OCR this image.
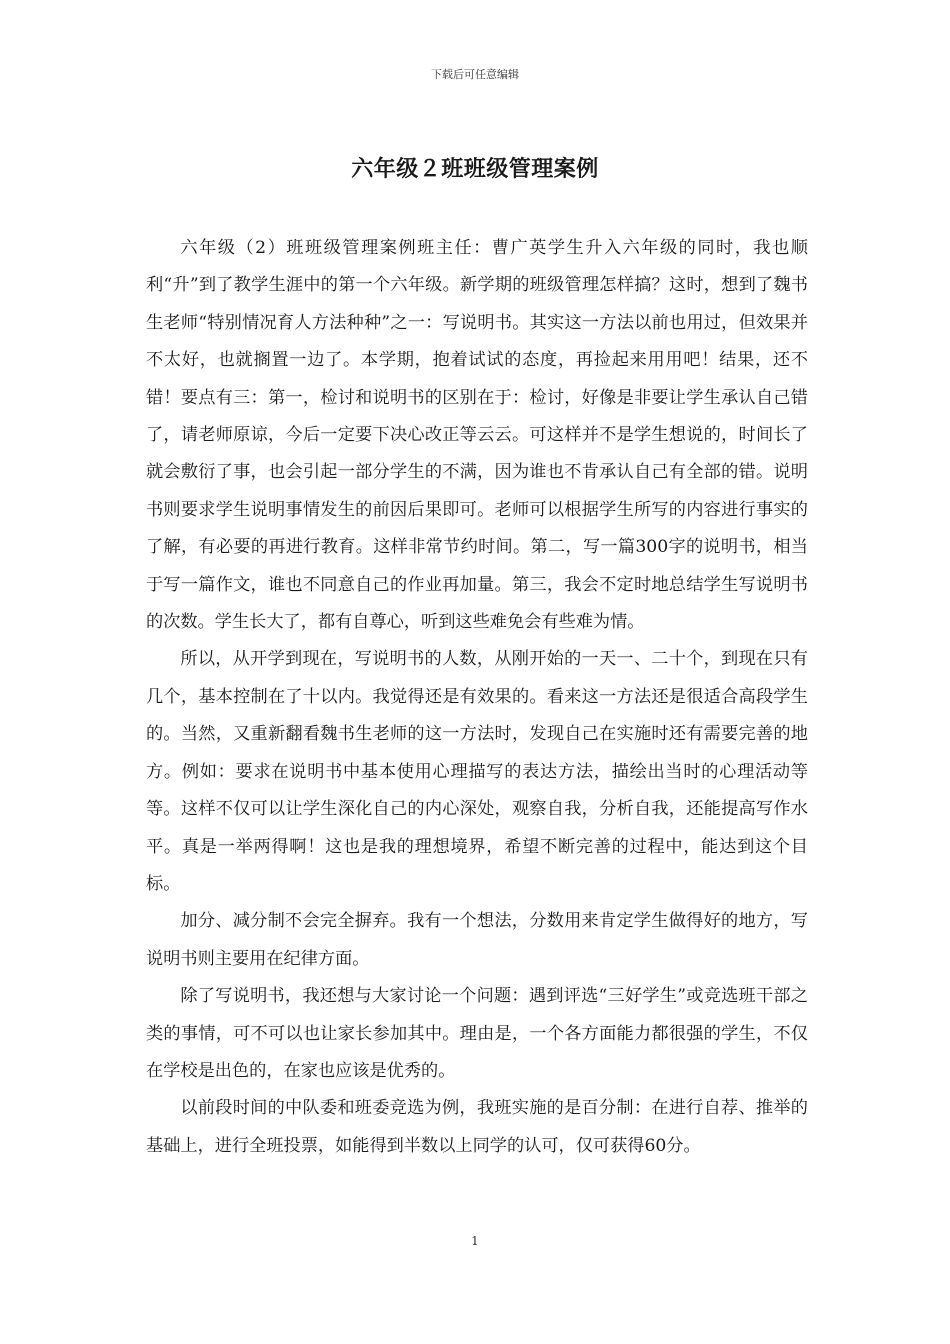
下载后可任意编辑
六年级２班班级管理案例

六年级（2）班班级管理案例班主任：曹广英学生升入六年级的同时，我也顺利“升”到了教学生涯中的第一个六年级。新学期的班级管理怎样搞？这时，想到了魏书生老师“特别情况育人方法种种”之一：写说明书。其实这一方法以前也用过，但效果并不太好，也就搁置一边了。本学期，抱着试试的态度，再捡起来用用吧！结果，还不错！要点有三：第一，检讨和说明书的区别在于：检讨，好像是非要让学生承认自己错了，请老师原谅，今后一定要下决心改正等云云。可这样并不是学生想说的，时间长了就会敷衍了事，也会引起一部分学生的不满，因为谁也不肯承认自己有全部的错。说明书则要求学生说明事情发生的前因后果即可。老师可以根据学生所写的内容进行事实的了解，有必要的再进行教育。这样非常节约时间。第二，写一篇300字的说明书，相当于写一篇作文，谁也不同意自己的作业再加量。第三，我会不定时地总结学生写说明书的次数。学生长大了，都有自尊心，听到这些难免会有些难为情。

所以，从开学到现在，写说明书的人数，从刚开始的一天一、二十个，到现在只有几个，基本控制在了十以内。我觉得还是有效果的。看来这一方法还是很适合高段学生的。当然，又重新翻看魏书生老师的这一方法时，发现自己在实施时还有需要完善的地方。例如：要求在说明书中基本使用心理描写的表达方法，描绘出当时的心理活动等等。这样不仅可以让学生深化自己的内心深处，观察自我，分析自我，还能提高写作水平。真是一举两得啊！这也是我的理想境界，希望不断完善的过程中，能达到这个目标。

加分、减分制不会完全摒弃。我有一个想法，分数用来肯定学生做得好的地方，写说明书则主要用在纪律方面。

除了写说明书，我还想与大家讨论一个问题：遇到评选“三好学生”或竞选班干部之类的事情，可不可以也让家长参加其中。理由是，一个各方面能力都很强的学生，不仅在学校是出色的，在家也应该是优秀的。

以前段时间的中队委和班委竞选为例，我班实施的是百分制：在进行自荐、推举的基础上，进行全班投票，如能得到半数以上同学的认可，仅可获得60分。

1
